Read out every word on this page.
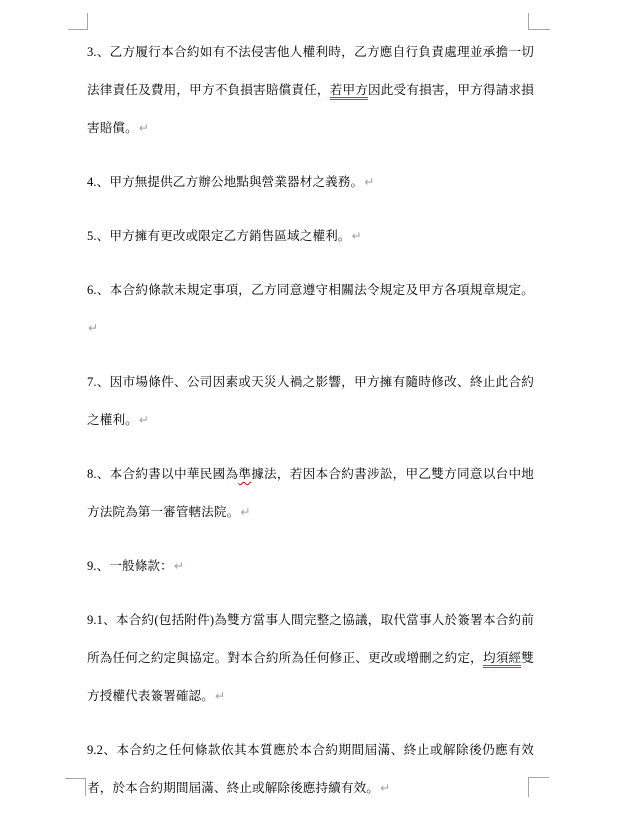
3.、乙方履行本合約如有不法侵害他人權利時，乙方應自行負責處理並承擔一切法律責任及費用，甲方不負損害賠償責任，若甲方因此受有損害，甲方得請求損害賠償。↵

4.、甲方無提供乙方辦公地點與營業器材之義務。↵

5.、甲方擁有更改或限定乙方銷售區域之權利。↵

6.、本合約條款未規定事項，乙方同意遵守相關法令規定及甲方各項規章規定。↵

7.、因市場條件、公司因素或天災人禍之影響，甲方擁有隨時修改、終止此合約之權利。↵

8.、本合約書以中華民國為準據法，若因本合約書涉訟，甲乙雙方同意以台中地方法院為第一審管轄法院。↵

9.、一般條款：↵

9.1、本合約(包括附件)為雙方當事人間完整之協議，取代當事人於簽署本合約前所為任何之約定與協定。對本合約所為任何修正、更改或增刪之約定，均須經雙方授權代表簽署確認。↵

9.2、本合約之任何條款依其本質應於本合約期間屆滿、終止或解除後仍應有效者，於本合約期間屆滿、終止或解除後應持續有效。↵
